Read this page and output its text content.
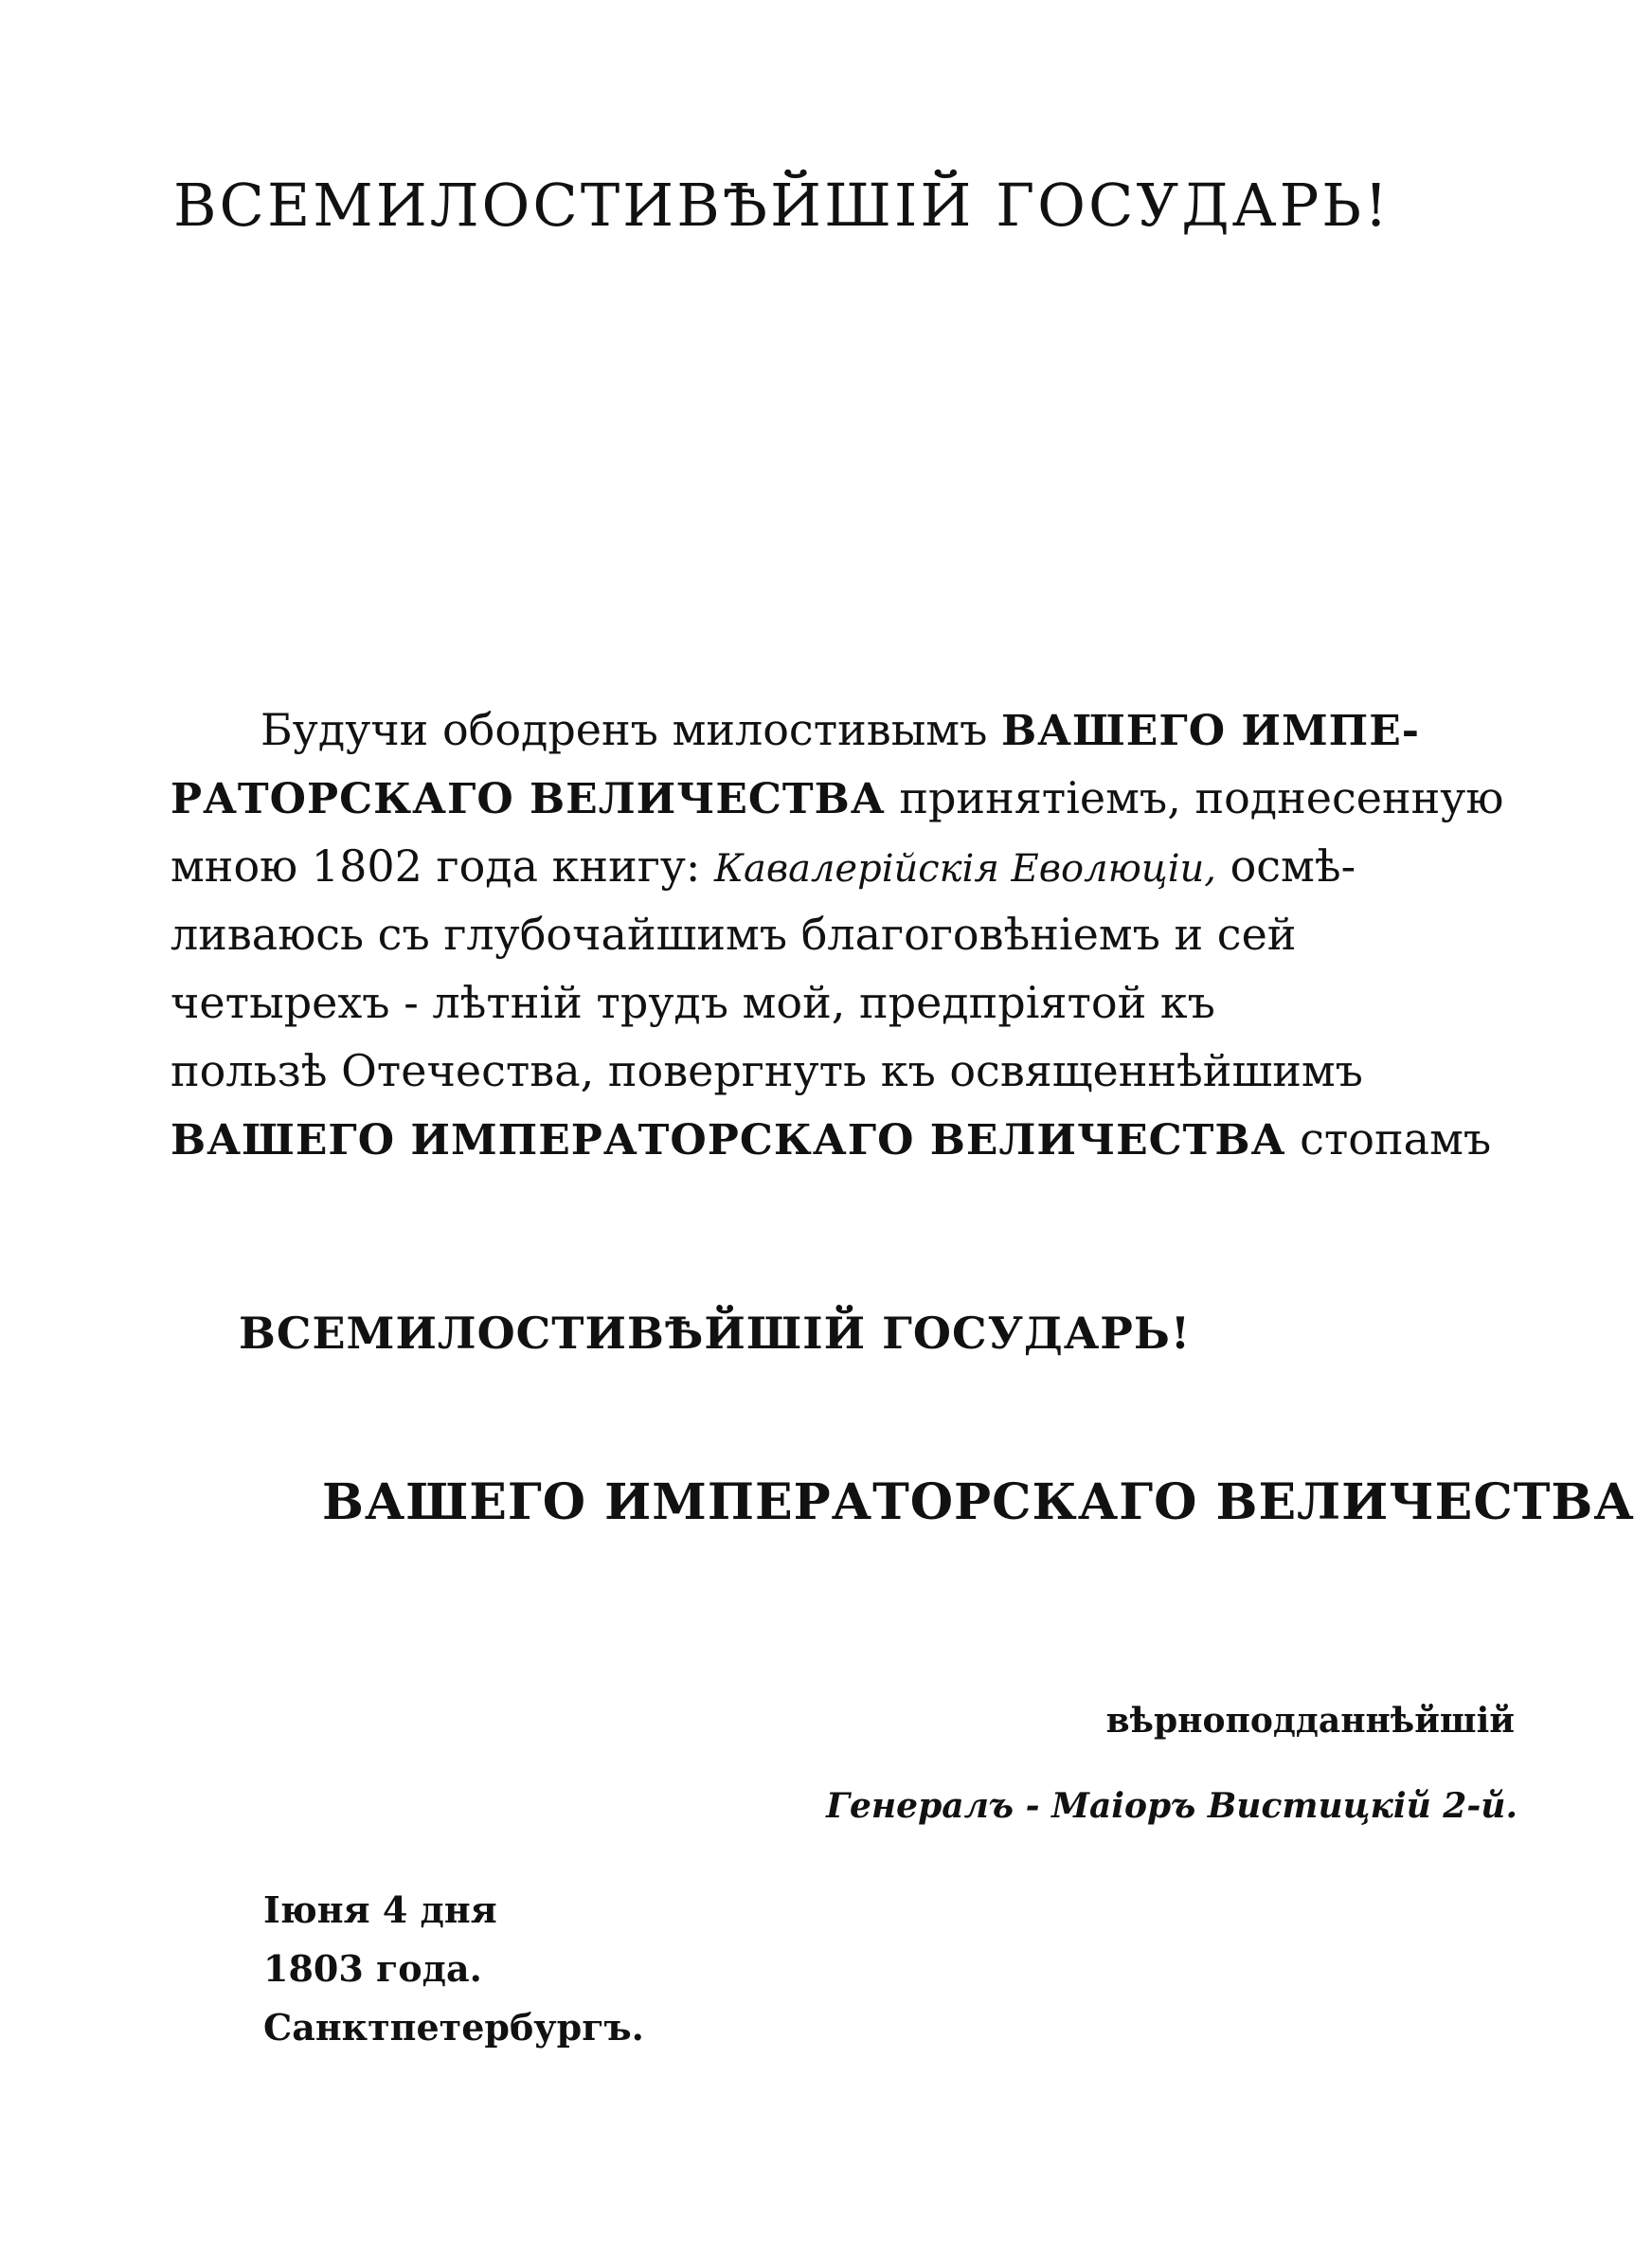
ВСЕМИЛОСТИВѢЙШІЙ ГОСУДАРЬ!
Будучи ободренъ милостивымъ ВАШЕГО ИМПЕ-
РАТОРСКАГО ВЕЛИЧЕСТВА принятіемъ, поднесенную
мною 1802 года книгу: Кавалерійскія Еволюціи, осмѣ-
ливаюсь съ глубочайшимъ благоговѣніемъ и сей
четырехъ - лѣтній трудъ мой, предпріятой къ
пользѣ Отечества, повергнуть къ освященнѣйшимъ
ВАШЕГО ИМПЕРАТОРСКАГО ВЕЛИЧЕСТВА стопамъ
ВСЕМИЛОСТИВѢЙШІЙ ГОСУДАРЬ!
ВАШЕГО ИМПЕРАТОРСКАГО ВЕЛИЧЕСТВА
вѣрноподданнѣйшій
Генералъ - Маіоръ Вистицкій 2-й.
Іюня 4 дня
1803 года.
Санктпетербургъ.
